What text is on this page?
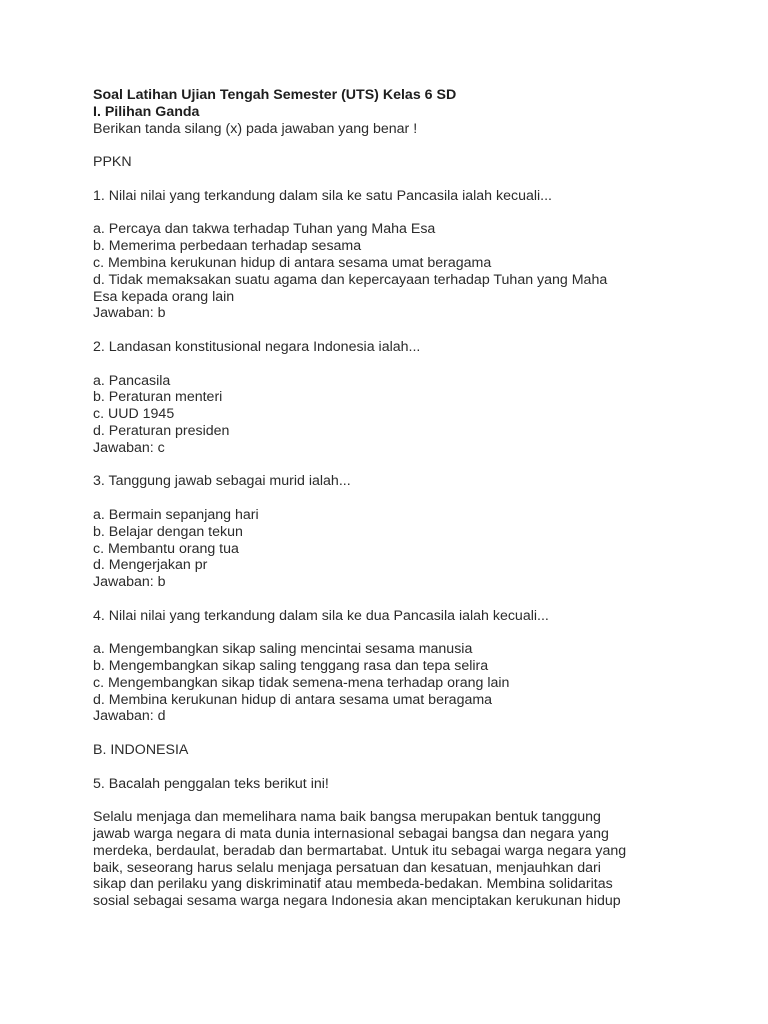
Soal Latihan Ujian Tengah Semester (UTS) Kelas 6 SD
I. Pilihan Ganda
Berikan tanda silang (x) pada jawaban yang benar !
PPKN
1. Nilai nilai yang terkandung dalam sila ke satu Pancasila ialah kecuali...
a. Percaya dan takwa terhadap Tuhan yang Maha Esa
b. Memerima perbedaan terhadap sesama
c. Membina kerukunan hidup di antara sesama umat beragama
d. Tidak memaksakan suatu agama dan kepercayaan terhadap Tuhan yang Maha
Esa kepada orang lain
Jawaban: b
2. Landasan konstitusional negara Indonesia ialah...
a. Pancasila
b. Peraturan menteri
c. UUD 1945
d. Peraturan presiden
Jawaban: c
3. Tanggung jawab sebagai murid ialah...
a. Bermain sepanjang hari
b. Belajar dengan tekun
c. Membantu orang tua
d. Mengerjakan pr
Jawaban: b
4. Nilai nilai yang terkandung dalam sila ke dua Pancasila ialah kecuali...
a. Mengembangkan sikap saling mencintai sesama manusia
b. Mengembangkan sikap saling tenggang rasa dan tepa selira
c. Mengembangkan sikap tidak semena-mena terhadap orang lain
d. Membina kerukunan hidup di antara sesama umat beragama
Jawaban: d
B. INDONESIA
5. Bacalah penggalan teks berikut ini!
Selalu menjaga dan memelihara nama baik bangsa merupakan bentuk tanggung
jawab warga negara di mata dunia internasional sebagai bangsa dan negara yang
merdeka, berdaulat, beradab dan bermartabat. Untuk itu sebagai warga negara yang
baik, seseorang harus selalu menjaga persatuan dan kesatuan, menjauhkan dari
sikap dan perilaku yang diskriminatif atau membeda-bedakan. Membina solidaritas
sosial sebagai sesama warga negara Indonesia akan menciptakan kerukunan hidup
